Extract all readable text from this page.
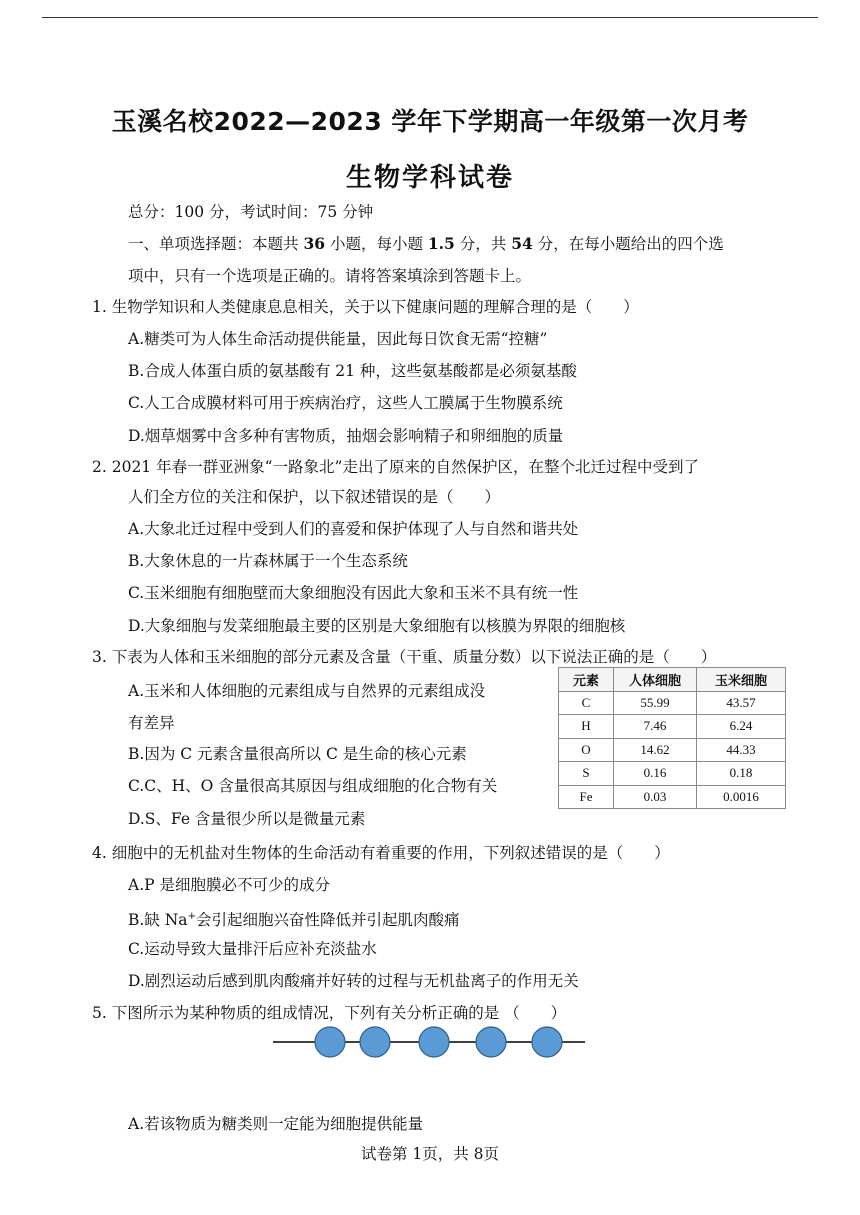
玉溪名校2022—2023 学年下学期高一年级第一次月考
生物学科试卷
总分：100 分，考试时间：75 分钟
一、单项选择题：本题共 36 小题，每小题 1.5 分，共 54 分，在每小题给出的四个选
项中，只有一个选项是正确的。请将答案填涂到答题卡上。
1. 生物学知识和人类健康息息相关，关于以下健康问题的理解合理的是（　　）
A.糖类可为人体生命活动提供能量，因此每日饮食无需“控糖”
B.合成人体蛋白质的氨基酸有 21 种，这些氨基酸都是必须氨基酸
C.人工合成膜材料可用于疾病治疗，这些人工膜属于生物膜系统
D.烟草烟雾中含多种有害物质，抽烟会影响精子和卵细胞的质量
2. 2021 年春一群亚洲象“一路象北”走出了原来的自然保护区，在整个北迁过程中受到了
人们全方位的关注和保护，以下叙述错误的是（　　）
A.大象北迁过程中受到人们的喜爱和保护体现了人与自然和谐共处
B.大象休息的一片森林属于一个生态系统
C.玉米细胞有细胞壁而大象细胞没有因此大象和玉米不具有统一性
D.大象细胞与发菜细胞最主要的区别是大象细胞有以核膜为界限的细胞核
3. 下表为人体和玉米细胞的部分元素及含量（干重、质量分数）以下说法正确的是（　　）
A.玉米和人体细胞的元素组成与自然界的元素组成没
有差异
B.因为 C 元素含量很高所以 C 是生命的核心元素
C.C、H、O 含量很高其原因与组成细胞的化合物有关
D.S、Fe 含量很少所以是微量元素
元素	人体细胞	玉米细胞
C	55.99	43.57
H	7.46	6.24
O	14.62	44.33
S	0.16	0.18
Fe	0.03	0.0016
4. 细胞中的无机盐对生物体的生命活动有着重要的作用，下列叙述错误的是（　　）
A.P 是细胞膜必不可少的成分
B.缺 Na+会引起细胞兴奋性降低并引起肌肉酸痛
C.运动导致大量排汗后应补充淡盐水
D.剧烈运动后感到肌肉酸痛并好转的过程与无机盐离子的作用无关
5. 下图所示为某种物质的组成情况，下列有关分析正确的是 （　　）
A.若该物质为糖类则一定能为细胞提供能量
试卷第 1页，共 8页
